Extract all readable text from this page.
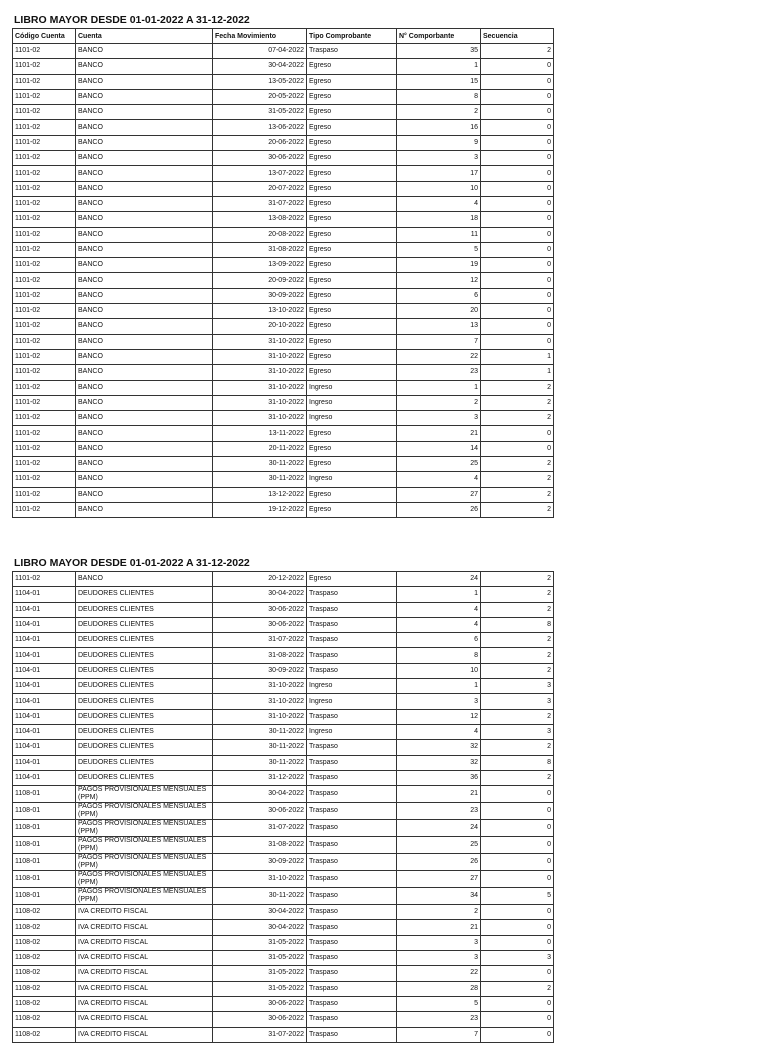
LIBRO MAYOR DESDE 01-01-2022 A 31-12-2022
Código Cuenta	Cuenta	Fecha Movimiento	Tipo Comprobante	N° Comporbante	Secuencia
1101-02	BANCO	07-04-2022	Traspaso	35	2
1101-02	BANCO	30-04-2022	Egreso	1	0
1101-02	BANCO	13-05-2022	Egreso	15	0
1101-02	BANCO	20-05-2022	Egreso	8	0
1101-02	BANCO	31-05-2022	Egreso	2	0
1101-02	BANCO	13-06-2022	Egreso	16	0
1101-02	BANCO	20-06-2022	Egreso	9	0
1101-02	BANCO	30-06-2022	Egreso	3	0
1101-02	BANCO	13-07-2022	Egreso	17	0
1101-02	BANCO	20-07-2022	Egreso	10	0
1101-02	BANCO	31-07-2022	Egreso	4	0
1101-02	BANCO	13-08-2022	Egreso	18	0
1101-02	BANCO	20-08-2022	Egreso	11	0
1101-02	BANCO	31-08-2022	Egreso	5	0
1101-02	BANCO	13-09-2022	Egreso	19	0
1101-02	BANCO	20-09-2022	Egreso	12	0
1101-02	BANCO	30-09-2022	Egreso	6	0
1101-02	BANCO	13-10-2022	Egreso	20	0
1101-02	BANCO	20-10-2022	Egreso	13	0
1101-02	BANCO	31-10-2022	Egreso	7	0
1101-02	BANCO	31-10-2022	Egreso	22	1
1101-02	BANCO	31-10-2022	Egreso	23	1
1101-02	BANCO	31-10-2022	Ingreso	1	2
1101-02	BANCO	31-10-2022	Ingreso	2	2
1101-02	BANCO	31-10-2022	Ingreso	3	2
1101-02	BANCO	13-11-2022	Egreso	21	0
1101-02	BANCO	20-11-2022	Egreso	14	0
1101-02	BANCO	30-11-2022	Egreso	25	2
1101-02	BANCO	30-11-2022	Ingreso	4	2
1101-02	BANCO	13-12-2022	Egreso	27	2
1101-02	BANCO	19-12-2022	Egreso	26	2
LIBRO MAYOR DESDE 01-01-2022 A 31-12-2022
1101-02	BANCO	20-12-2022	Egreso	24	2
1104-01	DEUDORES CLIENTES	30-04-2022	Traspaso	1	2
1104-01	DEUDORES CLIENTES	30-06-2022	Traspaso	4	2
1104-01	DEUDORES CLIENTES	30-06-2022	Traspaso	4	8
1104-01	DEUDORES CLIENTES	31-07-2022	Traspaso	6	2
1104-01	DEUDORES CLIENTES	31-08-2022	Traspaso	8	2
1104-01	DEUDORES CLIENTES	30-09-2022	Traspaso	10	2
1104-01	DEUDORES CLIENTES	31-10-2022	Ingreso	1	3
1104-01	DEUDORES CLIENTES	31-10-2022	Ingreso	3	3
1104-01	DEUDORES CLIENTES	31-10-2022	Traspaso	12	2
1104-01	DEUDORES CLIENTES	30-11-2022	Ingreso	4	3
1104-01	DEUDORES CLIENTES	30-11-2022	Traspaso	32	2
1104-01	DEUDORES CLIENTES	30-11-2022	Traspaso	32	8
1104-01	DEUDORES CLIENTES	31-12-2022	Traspaso	36	2
1108-01	PAGOS PROVISIONALES MENSUALES (PPM)	30-04-2022	Traspaso	21	0
1108-01	PAGOS PROVISIONALES MENSUALES (PPM)	30-06-2022	Traspaso	23	0
1108-01	PAGOS PROVISIONALES MENSUALES (PPM)	31-07-2022	Traspaso	24	0
1108-01	PAGOS PROVISIONALES MENSUALES (PPM)	31-08-2022	Traspaso	25	0
1108-01	PAGOS PROVISIONALES MENSUALES (PPM)	30-09-2022	Traspaso	26	0
1108-01	PAGOS PROVISIONALES MENSUALES (PPM)	31-10-2022	Traspaso	27	0
1108-01	PAGOS PROVISIONALES MENSUALES (PPM)	30-11-2022	Traspaso	34	5
1108-02	IVA CREDITO FISCAL	30-04-2022	Traspaso	2	0
1108-02	IVA CREDITO FISCAL	30-04-2022	Traspaso	21	0
1108-02	IVA CREDITO FISCAL	31-05-2022	Traspaso	3	0
1108-02	IVA CREDITO FISCAL	31-05-2022	Traspaso	3	3
1108-02	IVA CREDITO FISCAL	31-05-2022	Traspaso	22	0
1108-02	IVA CREDITO FISCAL	31-05-2022	Traspaso	28	2
1108-02	IVA CREDITO FISCAL	30-06-2022	Traspaso	5	0
1108-02	IVA CREDITO FISCAL	30-06-2022	Traspaso	23	0
1108-02	IVA CREDITO FISCAL	31-07-2022	Traspaso	7	0
